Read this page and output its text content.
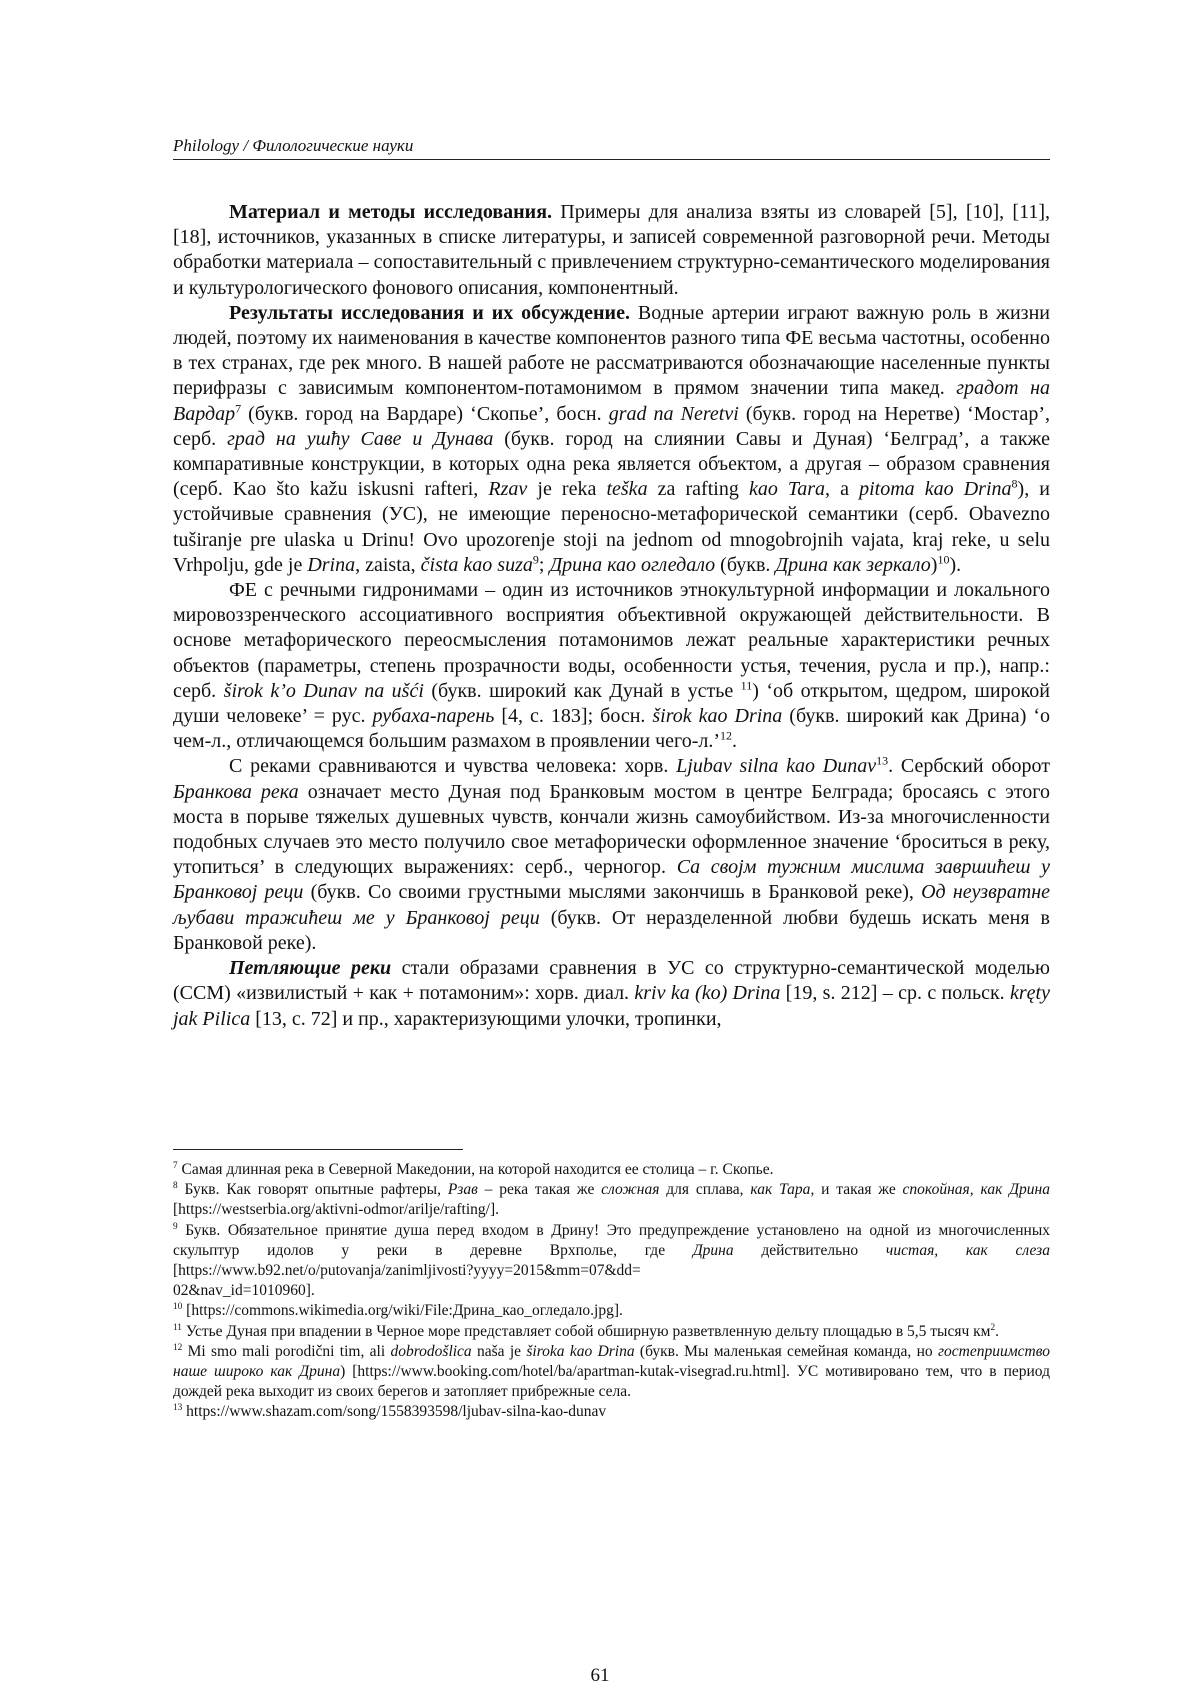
Philology / Филологические науки

Материал и методы исследования. Примеры для анализа взяты из словарей [5], [10], [11], [18], источников, указанных в списке литературы, и записей современной разговорной речи. Методы обработки материала – сопоставительный с привлечением структурно-семантического моделирования и культурологического фонового описания, компонентный.

Результаты исследования и их обсуждение. Водные артерии играют важную роль в жизни людей, поэтому их наименования в качестве компонентов разного типа ФЕ весьма частотны, особенно в тех странах, где рек много. В нашей работе не рассматриваются обозначающие населенные пункты перифразы с зависимым компонентом-потамонимом в прямом значении типа макед. градот на Вардар$^7$ (букв. город на Вардаре) ‘Скопье’, босн. grad na Neretvi (букв. город на Неретве) ‘Мостар’, серб. град на ушћу Саве и Дунава (букв. город на слиянии Савы и Дуная) ‘Белград’, а также компаративные конструкции, в которых одна река является объектом, а другая – образом сравнения (серб. Kao što kažu iskusni rafteri, Rzav je reka teška za rafting kao Tara, a pitoma kao Drina$^8$), и устойчивые сравнения (УС), не имеющие переносно-метафорической семантики (серб. Obavezno tuširanje pre ulaska u Drinu! Ovo upozorenje stoji na jednom od mnogobrojnih vajata, kraj reke, u selu Vrhpolju, gde je Drina, zaista, čista kao suza$^9$; Дрина као огледало (букв. Дрина как зеркало)$^{10}$).

ФЕ с речными гидронимами – один из источников этнокультурной информации и локального мировоззренческого ассоциативного восприятия объективной окружающей действительности. В основе метафорического переосмысления потамонимов лежат реальные характеристики речных объектов (параметры, степень прозрачности воды, особенности устья, течения, русла и пр.), напр.: серб. širok k’o Dunav na ušći (букв. широкий как Дунай в устье $^{11}$) ‘об открытом, щедром, широкой души человеке’ = рус. рубаха-парень [4, с. 183]; босн. širok kao Drina (букв. широкий как Дрина) ‘о чем-л., отличающемся большим размахом в проявлении чего-л.’$^{12}$.

С реками сравниваются и чувства человека: хорв. Ljubav silna kao Dunav$^{13}$. Сербский оборот Бранкова река означает место Дуная под Бранковым мостом в центре Белграда; бросаясь с этого моста в порыве тяжелых душевных чувств, кончали жизнь самоубийством. Из-за многочисленности подобных случаев это место получило свое метафорически оформленное значение ‘броситься в реку, утопиться’ в следующих выражениях: серб., черногор. Са својм тужним мислима завршићеш у Бранковој реци (букв. Со своими грустными мыслями закончишь в Бранковой реке), Од неузвратне љубави тражићеш ме у Бранковој реци (букв. От неразделенной любви будешь искать меня в Бранковой реке).

Петляющие реки стали образами сравнения в УС со структурно-семантической моделью (ССМ) «извилистый + как + потамоним»: хорв. диал. kriv ka (ko) Drina [19, s. 212] – ср. с польск. kręty jak Pilica [13, c. 72] и пр., характеризующими улочки, тропинки,

$^7$ Самая длинная река в Северной Македонии, на которой находится ее столица – г. Скопье.

$^8$ Букв. Как говорят опытные рафтеры, Рзав – река такая же сложная для сплава, как Тара, и такая же спокойная, как Дрина [https://westserbia.org/aktivni-odmor/arilje/rafting/].

$^9$ Букв. Обязательное принятие душа перед входом в Дрину! Это предупреждение установлено на одной из многочисленных скульптур идолов у реки в деревне Врхполье, где Дрина действительно чистая, как слеза [https://www.b92.net/o/putovanja/zanimljivosti?yyyy=2015&mm=07&dd=
02&nav_id=1010960].

$^{10}$ [https://commons.wikimedia.org/wiki/File:Дрина_као_огледало.jpg].

$^{11}$ Устье Дуная при впадении в Черное море представляет собой обширную разветвленную дельту площадью в 5,5 тысяч $км^2$.

$^{12}$ Mi smo mali porodični tim, ali dobrodošlica naša je široka kao Drina (букв. Мы маленькая семейная команда, но гостеприимство наше широко как Дрина) [https://www.booking.com/hotel/ba/apartman-kutak-visegrad.ru.html]. УС мотивировано тем, что в период дождей река выходит из своих берегов и затопляет прибрежные села.

$^{13}$ https://www.shazam.com/song/1558393598/ljubav-silna-kao-dunav

61
